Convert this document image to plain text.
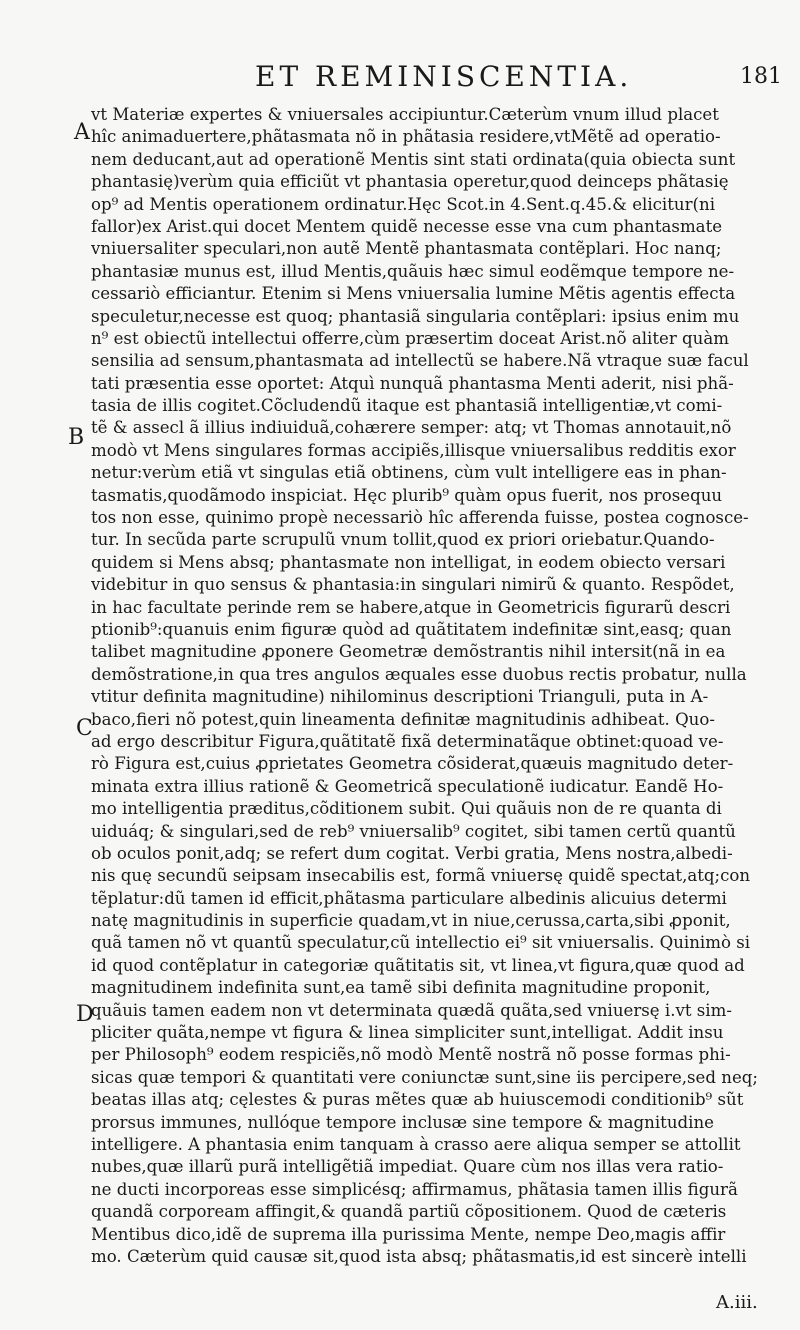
ET REMINISCENTIA.	181
A
B
C
D
vt Materiæ expertes & vniuersales accipiuntur.Cæterùm vnum illud placet
hîc animaduertere,phãtasmata nõ in phãtasia residere,vtMẽtẽ ad operatio-
nem deducant,aut ad operationẽ Mentis sint stati ordinata(quia obiecta sunt
phantasię)verùm quia efficiũt vt phantasia operetur,quod deinceps phãtasię
op⁹ ad Mentis operationem ordinatur.Hęc Scot.in 4.Sent.q.45.& elicitur(ni
fallor)ex Arist.qui docet Mentem quidẽ necesse esse vna cum phantasmate
vniuersaliter speculari,non autẽ Mentẽ phantasmata contẽplari. Hoc nanq;
phantasiæ munus est, illud Mentis,quãuis hæc simul eodẽmque tempore ne-
cessariò efficiantur. Etenim si Mens vniuersalia lumine Mẽtis agentis effecta
speculetur,necesse est quoq; phantasiã singularia contẽplari: ipsius enim mu
n⁹ est obiectũ intellectui offerre,cùm præsertim doceat Arist.nõ aliter quàm
sensilia ad sensum,phantasmata ad intellectũ se habere.Nã vtraque suæ facul
tati præsentia esse oportet: Atquì nunquã phantasma Menti aderit, nisi phã-
tasia de illis cogitet.Cõcludendũ itaque est phantasiã intelligentiæ,vt comi-
tẽ & assecl ã illius indiuiduã,cohærere semper: atq; vt Thomas annotauit,nõ
modò vt Mens singulares formas accipiẽs,illisque vniuersalibus redditis exor
netur:verùm etiã vt singulas etiã obtinens, cùm vult intelligere eas in phan-
tasmatis,quodãmodo inspiciat. Hęc plurib⁹ quàm opus fuerit, nos prosequu
tos non esse, quinimo propè necessariò hîc afferenda fuisse, postea cognosce-
tur. In secũda parte scrupulũ vnum tollit,quod ex priori oriebatur.Quando-
quidem si Mens absq; phantasmate non intelligat, in eodem obiecto versari
videbitur in quo sensus & phantasia:in singulari nimirũ & quanto. Respõdet,
in hac facultate perinde rem se habere,atque in Geometricis figurarũ descri
ptionib⁹:quanuis enim figuræ quòd ad quãtitatem indefinitæ sint,easq; quan
talibet magnitudine ꝓponere Geometræ demõstrantis nihil intersit(nã in ea
demõstratione,in qua tres angulos æquales esse duobus rectis probatur, nulla
vtitur definita magnitudine) nihilominus descriptioni Trianguli, puta in A-
baco,fieri nõ potest,quin lineamenta definitæ magnitudinis adhibeat. Quo-
ad ergo describitur Figura,quãtitatẽ fixã determinatãque obtinet:quoad ve-
rò Figura est,cuius ꝓprietates Geometra cõsiderat,quæuis magnitudo deter-
minata extra illius rationẽ & Geometricã speculationẽ iudicatur. Eandẽ Ho-
mo intelligentia præditus,cõditionem subit. Qui quãuis non de re quanta di
uiduáq; & singulari,sed de reb⁹ vniuersalib⁹ cogitet, sibi tamen certũ quantũ
ob oculos ponit,adq; se refert dum cogitat. Verbi gratia, Mens nostra,albedi-
nis quę secundũ seipsam insecabilis est, formã vniuersę quidẽ spectat,atq;con
tẽplatur:dũ tamen id efficit,phãtasma particulare albedinis alicuius determi
natę magnitudinis in superficie quadam,vt in niue,cerussa,carta,sibi ꝓponit,
quã tamen nõ vt quantũ speculatur,cũ intellectio ei⁹ sit vniuersalis. Quinimò si
id quod contẽplatur in categoriæ quãtitatis sit, vt linea,vt figura,quæ quod ad
magnitudinem indefinita sunt,ea tamẽ sibi definita magnitudine proponit,
quãuis tamen eadem non vt determinata quædã quãta,sed vniuersę i.vt sim-
pliciter quãta,nempe vt figura & linea simpliciter sunt,intelligat. Addit insu
per Philosoph⁹ eodem respiciẽs,nõ modò Mentẽ nostrã nõ posse formas phi-
sicas quæ tempori & quantitati vere coniunctæ sunt,sine iis percipere,sed neq;
beatas illas atq; cęlestes & puras mẽtes quæ ab huiuscemodi conditionib⁹ sũt
prorsus immunes, nullóque tempore inclusæ sine tempore & magnitudine
intelligere. A phantasia enim tanquam à crasso aere aliqua semper se attollit
nubes,quæ illarũ purã intelligẽtiã impediat. Quare cùm nos illas vera ratio-
ne ducti incorporeas esse simplicésq; affirmamus, phãtasia tamen illis figurã
quandã corpoream affingit,& quandã partiũ cõpositionem. Quod de cæteris
Mentibus dico,idẽ de suprema illa purissima Mente, nempe Deo,magis affir
mo. Cæterùm quid causæ sit,quod ista absq; phãtasmatis,id est sincerè intelli
A.iii.
